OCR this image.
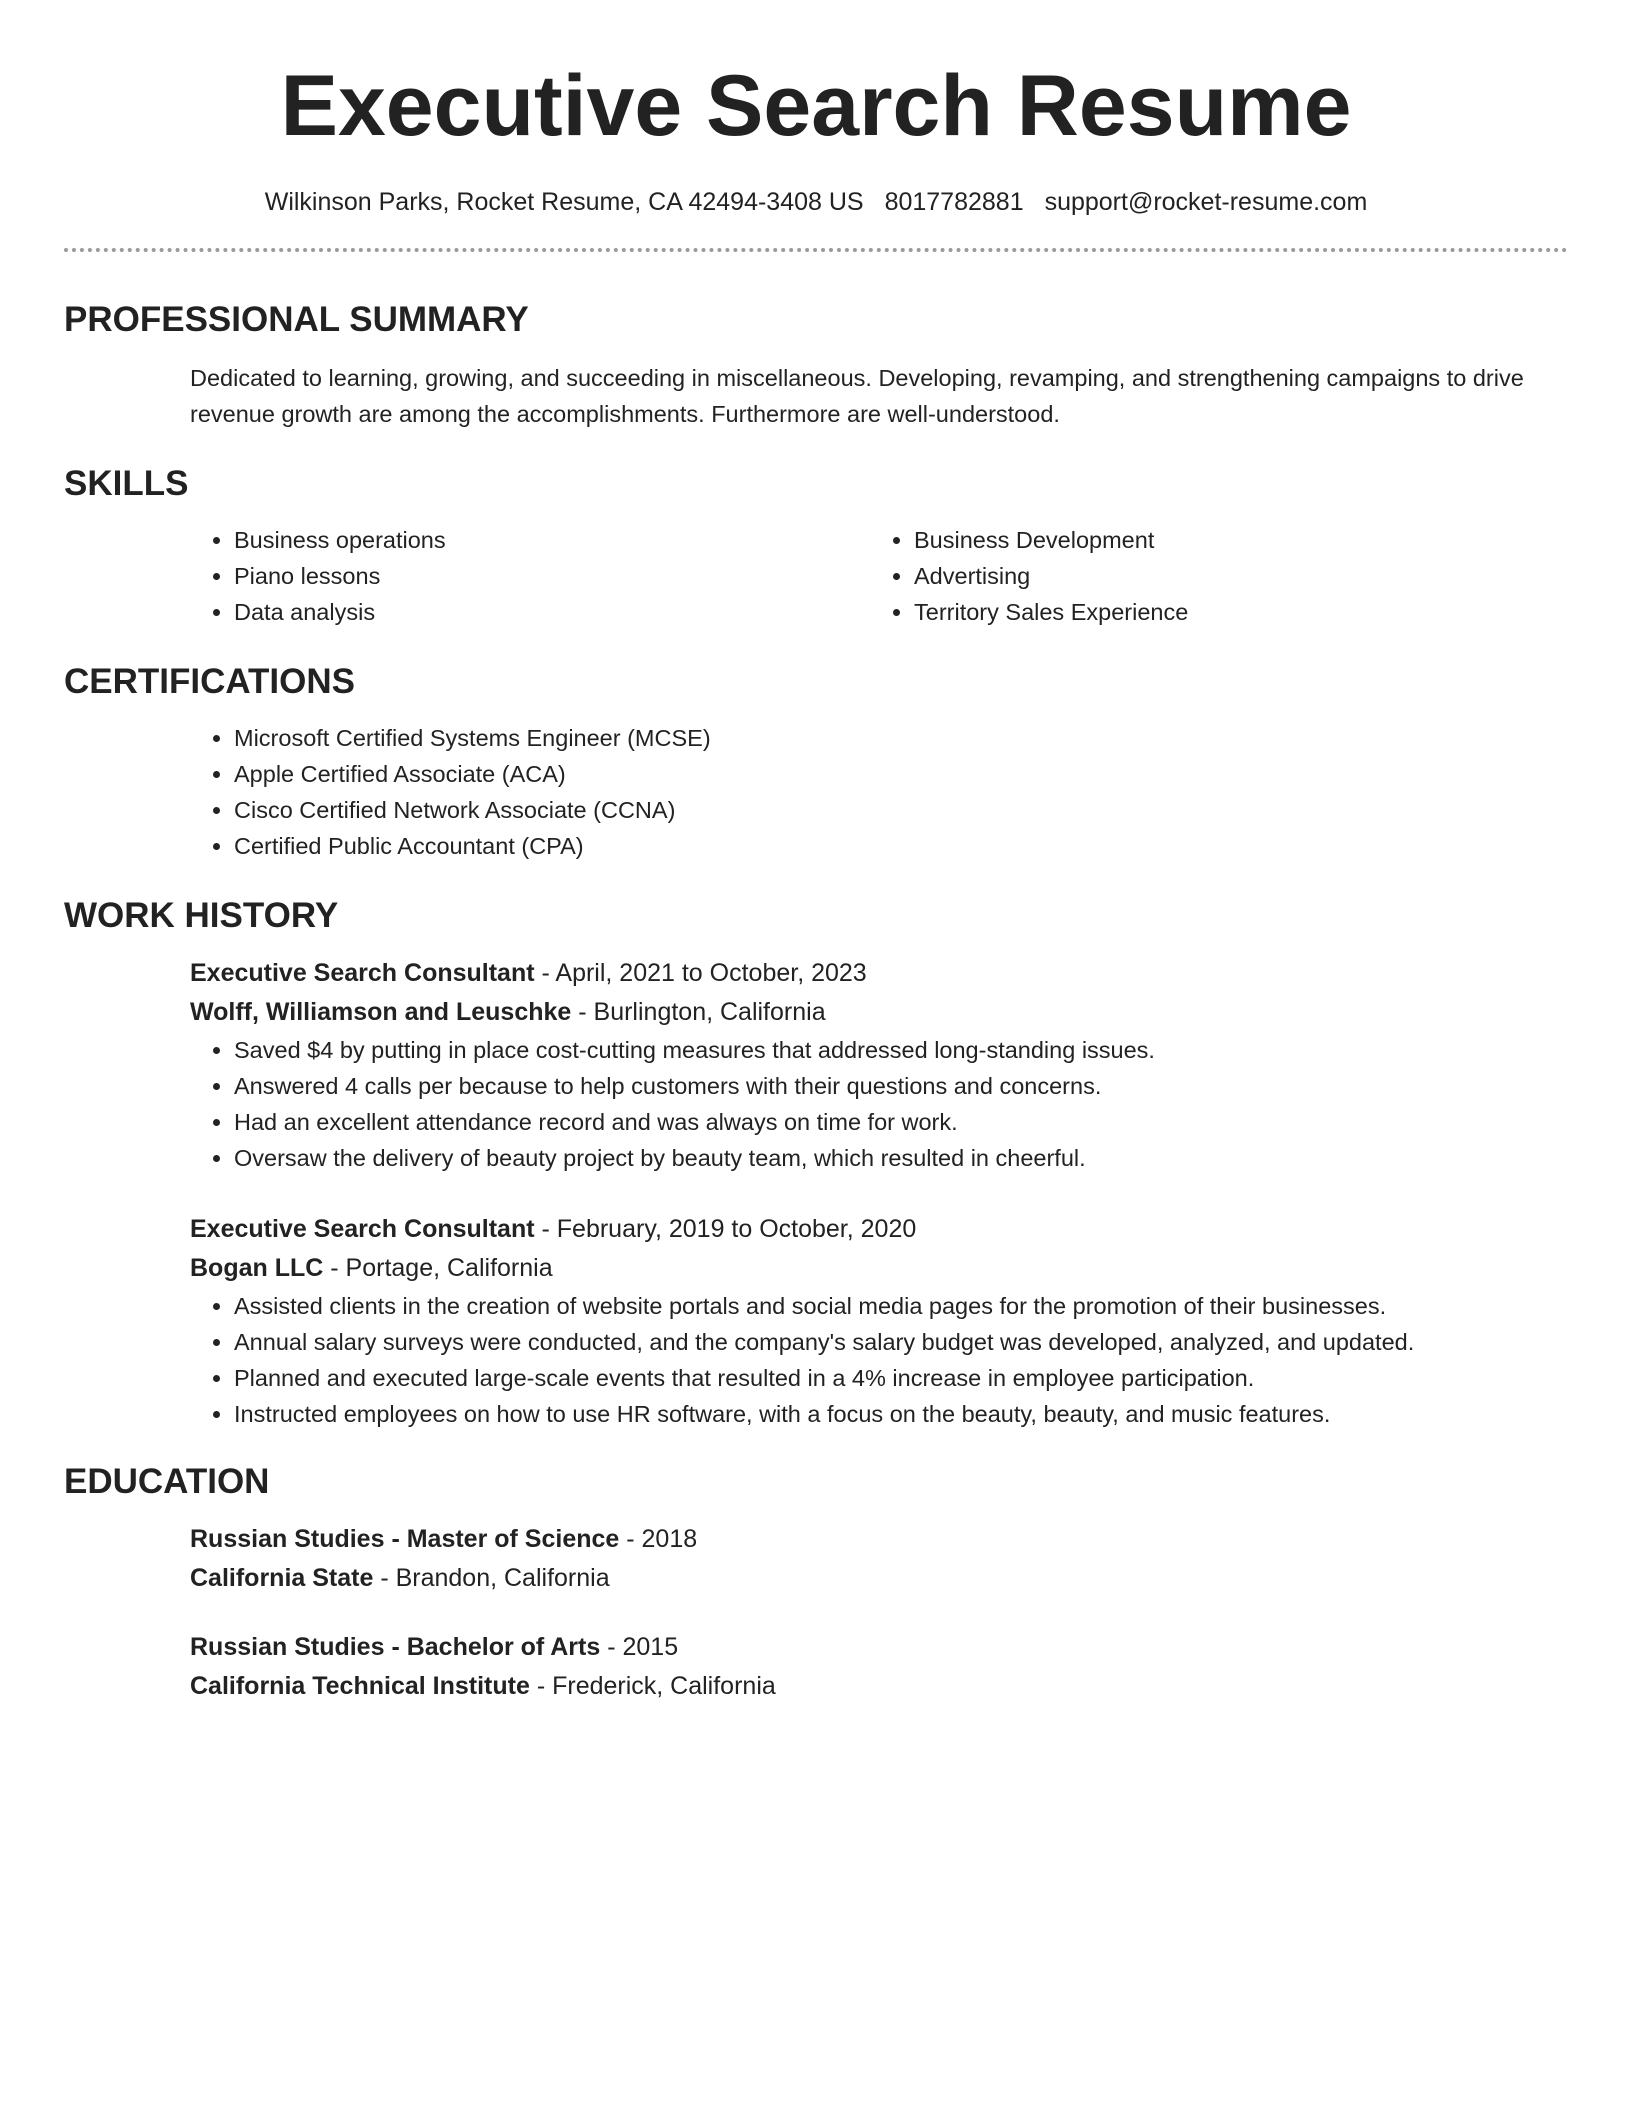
Executive Search Resume
Wilkinson Parks, Rocket Resume, CA 42494-3408 US 8017782881 support@rocket-resume.com
PROFESSIONAL SUMMARY

Dedicated to learning, growing, and succeeding in miscellaneous. Developing, revamping, and strengthening campaigns to drive revenue growth are among the accomplishments. Furthermore are well-understood.

SKILLS
• Business operations
• Piano lessons
• Data analysis
• Business Development
• Advertising
• Territory Sales Experience
CERTIFICATIONS
• Microsoft Certified Systems Engineer (MCSE)
• Apple Certified Associate (ACA)
• Cisco Certified Network Associate (CCNA)
• Certified Public Accountant (CPA)
WORK HISTORY
Executive Search Consultant - April, 2021 to October, 2023
Wolff, Williamson and Leuschke - Burlington, California
• Saved $4 by putting in place cost-cutting measures that addressed long-standing issues.
• Answered 4 calls per because to help customers with their questions and concerns.
• Had an excellent attendance record and was always on time for work.
• Oversaw the delivery of beauty project by beauty team, which resulted in cheerful.
Executive Search Consultant - February, 2019 to October, 2020
Bogan LLC - Portage, California
• Assisted clients in the creation of website portals and social media pages for the promotion of their businesses.
• Annual salary surveys were conducted, and the company's salary budget was developed, analyzed, and updated.
• Planned and executed large-scale events that resulted in a 4% increase in employee participation.
• Instructed employees on how to use HR software, with a focus on the beauty, beauty, and music features.
EDUCATION
Russian Studies - Master of Science - 2018
California State - Brandon, California
Russian Studies - Bachelor of Arts - 2015
California Technical Institute - Frederick, California
